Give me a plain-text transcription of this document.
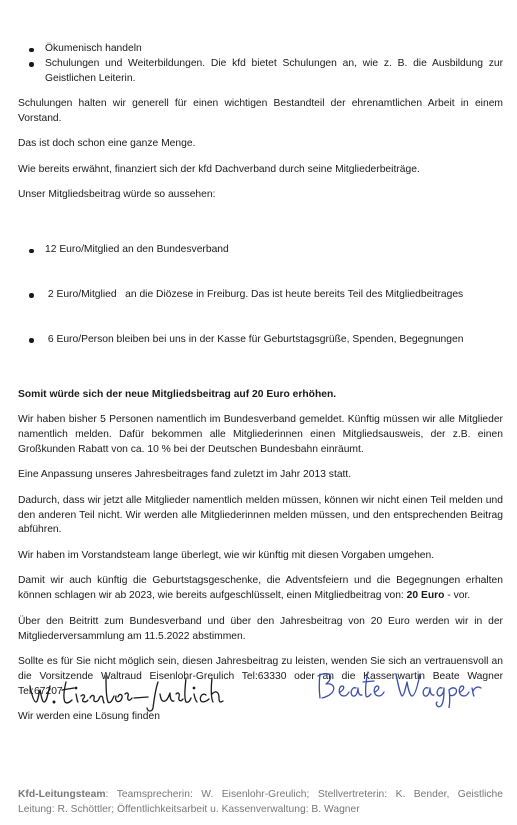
Ökumenisch handeln
Schulungen und Weiterbildungen. Die kfd bietet Schulungen an, wie z. B. die Ausbildung zur Geistlichen Leiterin.

Schulungen halten wir generell für einen wichtigen Bestandteil der ehrenamtlichen Arbeit in einem Vorstand.

Das ist doch schon eine ganze Menge.

Wie bereits erwähnt, finanziert sich der kfd Dachverband durch seine Mitgliederbeiträge.

Unser Mitgliedsbeitrag würde so aussehen:

12 Euro/Mitglied an den Bundesverband

2 Euro/Mitglied   an die Diözese in Freiburg. Das ist heute bereits Teil des Mitgliedbeitrages

6 Euro/Person bleiben bei uns in der Kasse für Geburtstagsgrüße, Spenden, Begegnungen

Somit würde sich der neue Mitgliedsbeitrag auf 20 Euro erhöhen.

Wir haben bisher 5 Personen namentlich im Bundesverband gemeldet. Künftig müssen wir alle Mitglieder namentlich melden. Dafür bekommen alle Mitgliederinnen einen Mitgliedsausweis, der z.B. einen Großkunden Rabatt von ca. 10 % bei der Deutschen Bundesbahn einräumt.

Eine Anpassung unseres Jahresbeitrages fand zuletzt im Jahr 2013 statt.

Dadurch, dass wir jetzt alle Mitglieder namentlich melden müssen, können wir nicht einen Teil melden und den anderen Teil nicht. Wir werden alle Mitgliederinnen melden müssen, und den entsprechenden Beitrag abführen.

Wir haben im Vorstandsteam lange überlegt, wie wir künftig mit diesen Vorgaben umgehen.

Damit wir auch künftig die Geburtstagsgeschenke, die Adventsfeiern und die Begegnungen erhalten können schlagen wir ab 2023, wie bereits aufgeschlüsselt, einen Mitgliedbeitrag von: 20 Euro - vor.

Über den Beitritt zum Bundesverband und über den Jahresbeitrag von 20 Euro werden wir in der Mitgliederversammlung am 11.5.2022 abstimmen.

Sollte es für Sie nicht möglich sein, diesen Jahresbeitrag zu leisten, wenden Sie sich an vertrauensvoll an die Vorsitzende Waltraud Eisenlohr-Greulich Tel:63330 oder an die Kassenwartin Beate Wagner Tel:67207.

Wir werden eine Lösung finden

Kfd-Leitungsteam: Teamsprecherin: W. Eisenlohr-Greulich; Stellvertreterin: K. Bender, Geistliche Leitung: R. Schöttler; Öffentlichkeitsarbeit u. Kassenverwaltung: B. Wagner
